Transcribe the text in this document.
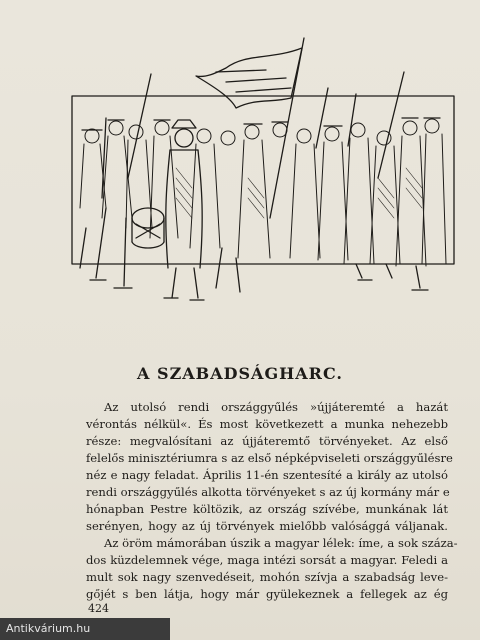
A SZABADSÁGHARC.
Az utolsó rendi országgyűlés »újjáteremté a hazát
vérontás nélkül«. És most következett a munka nehezebb
része: megvalósítani az újjáteremtő törvényeket. Az első
felelős minisztériumra s az első népképviseleti országgyűlésre
néz e nagy feladat. Április 11-én szentesíté a király az utolsó
rendi országgyűlés alkotta törvényeket s az új kormány már e
hónapban Pestre költözik, az ország szívébe, munkának lát
serényen, hogy az új törvények mielőbb valósággá váljanak.
Az öröm mámorában úszik a magyar lélek: íme, a sok száza-
dos küzdelemnek vége, maga intézi sorsát a magyar. Feledi a
mult sok nagy szenvedéseit, mohón szívja a szabadság leve-
gőjét s ben látja, hogy már gyülekeznek a fellegek az ég
424
Antikvárium.hu
